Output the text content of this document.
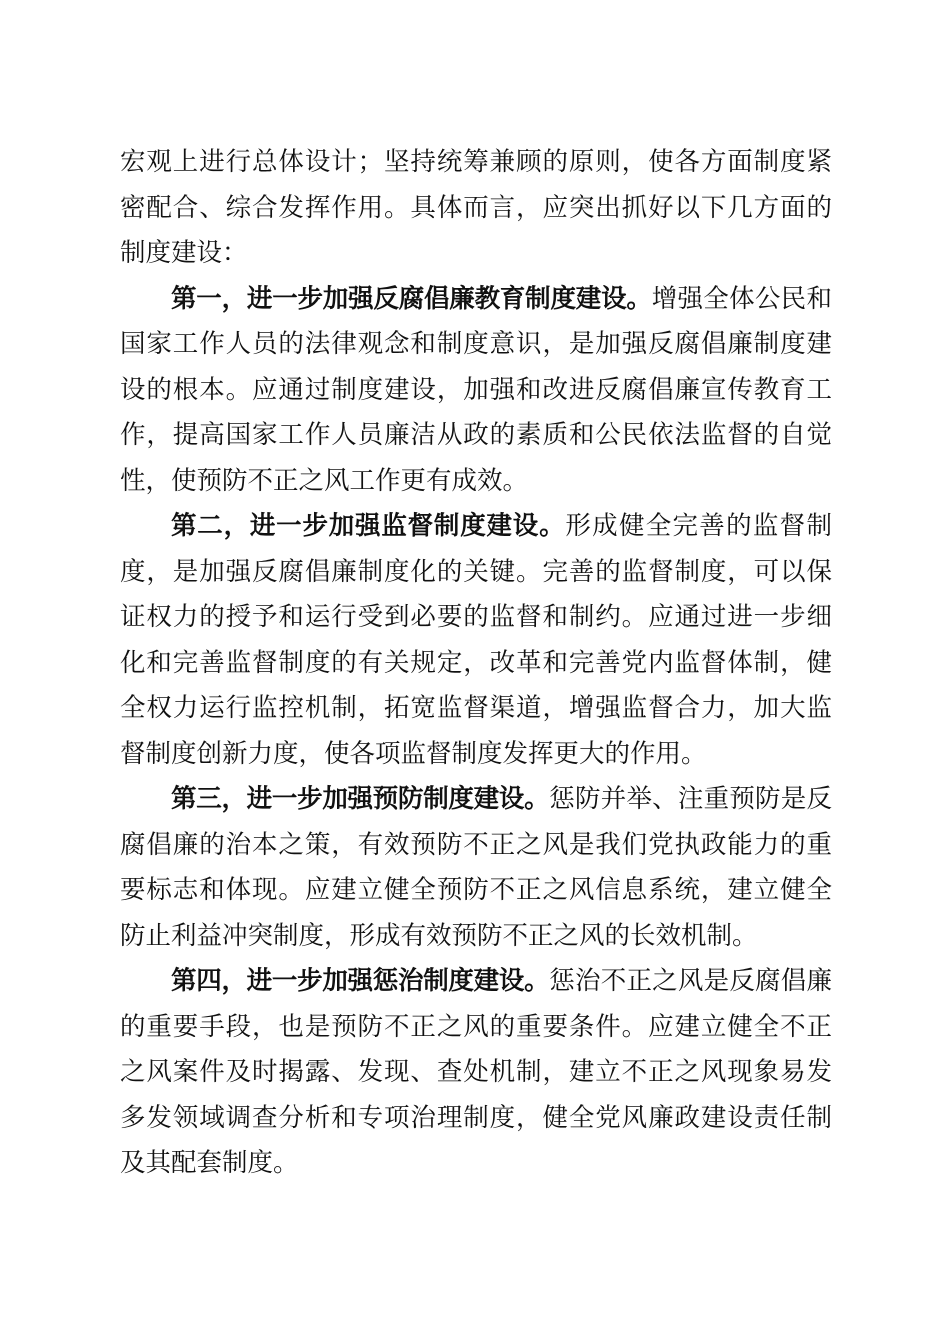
宏观上进行总体设计；坚持统筹兼顾的原则，使各方面制度紧密配合、综合发挥作用。具体而言，应突出抓好以下几方面的制度建设：

第一，进一步加强反腐倡廉教育制度建设。增强全体公民和国家工作人员的法律观念和制度意识，是加强反腐倡廉制度建设的根本。应通过制度建设，加强和改进反腐倡廉宣传教育工作，提高国家工作人员廉洁从政的素质和公民依法监督的自觉性，使预防不正之风工作更有成效。

第二，进一步加强监督制度建设。形成健全完善的监督制度，是加强反腐倡廉制度化的关键。完善的监督制度，可以保证权力的授予和运行受到必要的监督和制约。应通过进一步细化和完善监督制度的有关规定，改革和完善党内监督体制，健全权力运行监控机制，拓宽监督渠道，增强监督合力，加大监督制度创新力度，使各项监督制度发挥更大的作用。

第三，进一步加强预防制度建设。惩防并举、注重预防是反腐倡廉的治本之策，有效预防不正之风是我们党执政能力的重要标志和体现。应建立健全预防不正之风信息系统，建立健全防止利益冲突制度，形成有效预防不正之风的长效机制。

第四，进一步加强惩治制度建设。惩治不正之风是反腐倡廉的重要手段，也是预防不正之风的重要条件。应建立健全不正之风案件及时揭露、发现、查处机制，建立不正之风现象易发多发领域调查分析和专项治理制度，健全党风廉政建设责任制及其配套制度。
